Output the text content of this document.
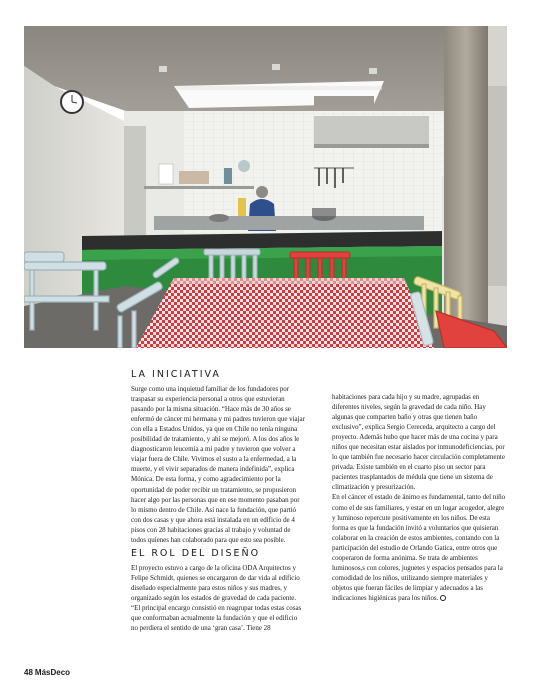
LA INICIATIVA

Surge como una inquietud familiar de los fundadores por traspasar su experiencia personal a otros que estuvieran pasando por la misma situación. “Hace más de 30 años se enfermó de cáncer mi hermana y mi padres tuvieron que viajar con ella a Estados Unidos, ya que en Chile no tenía ninguna posibilidad de tratamiento, y ahí se mejoró. A los dos años le diagnosticaron leucemia a mi padre y tuvieron que volver a viajar fuera de Chile. Vivimos el susto a la enfermedad, a la muerte, y el vivir separados de manera indefinida”, explica Mónica. De esta forma, y como agradecimiento por la oportunidad de poder recibir un tratamiento, se propusieron hacer algo por las personas que en ese momento pasaban por lo mismo dentro de Chile. Así nace la fundación, que partió con dos casas y que ahora está instalada en un edificio de 4 pisos con 28 habitaciones gracias al trabajo y voluntad de todos quienes han colaborado para que esto sea posible.

EL ROL DEL DISEÑO

El proyecto estuvo a cargo de la oficina ODA Arquitectos y Felipe Schmidt, quienes se encargaron de dar vida al edificio diseñado especialmente para estos niños y sus madres, y organizado según los estados de gravedad de cada paciente. “El principal encargo consistió en reagrupar todas estas cosas que conformaban actualmente la fundación y que el edificio no perdiera el sentido de una ‘gran casa’. Tiene 28

habitaciones para cada hijo y su madre, agrupadas en diferentes niveles, según la gravedad de cada niño. Hay algunas que comparten baño y otras que tienen baño exclusivo”, explica Sergio Cereceda, arquitecto a cargo del proyecto. Además hubo que hacer más de una cocina y para niños que necesitan estar aislados por inmunodeficiencias, por lo que también fue necesario hacer circulación completamente privada. Existe también en el cuarto piso un sector para pacientes trasplantados de médula que tiene un sistema de climatización y presurización.

En el cáncer el estado de ánimo es fundamental, tanto del niño como el de sus familiares, y estar en un lugar acogedor, alegre y luminoso repercute positivamente en los niños. De esta forma es que la fundación invitó a voluntarios que quisieran colaborar en la creación de estos ambientes, contando con la participación del estudio de Orlando Gatica, entre otros que cooperaron de forma anónima. Se trata de ambientes luminosos,s con colores, juguetes y espacios pensados para la comodidad de los niños, utilizando siempre materiales y objetos que fueran fáciles de limpiar y adecuados a las indicaciones higiénicas para los niños.

48 MásDeco
